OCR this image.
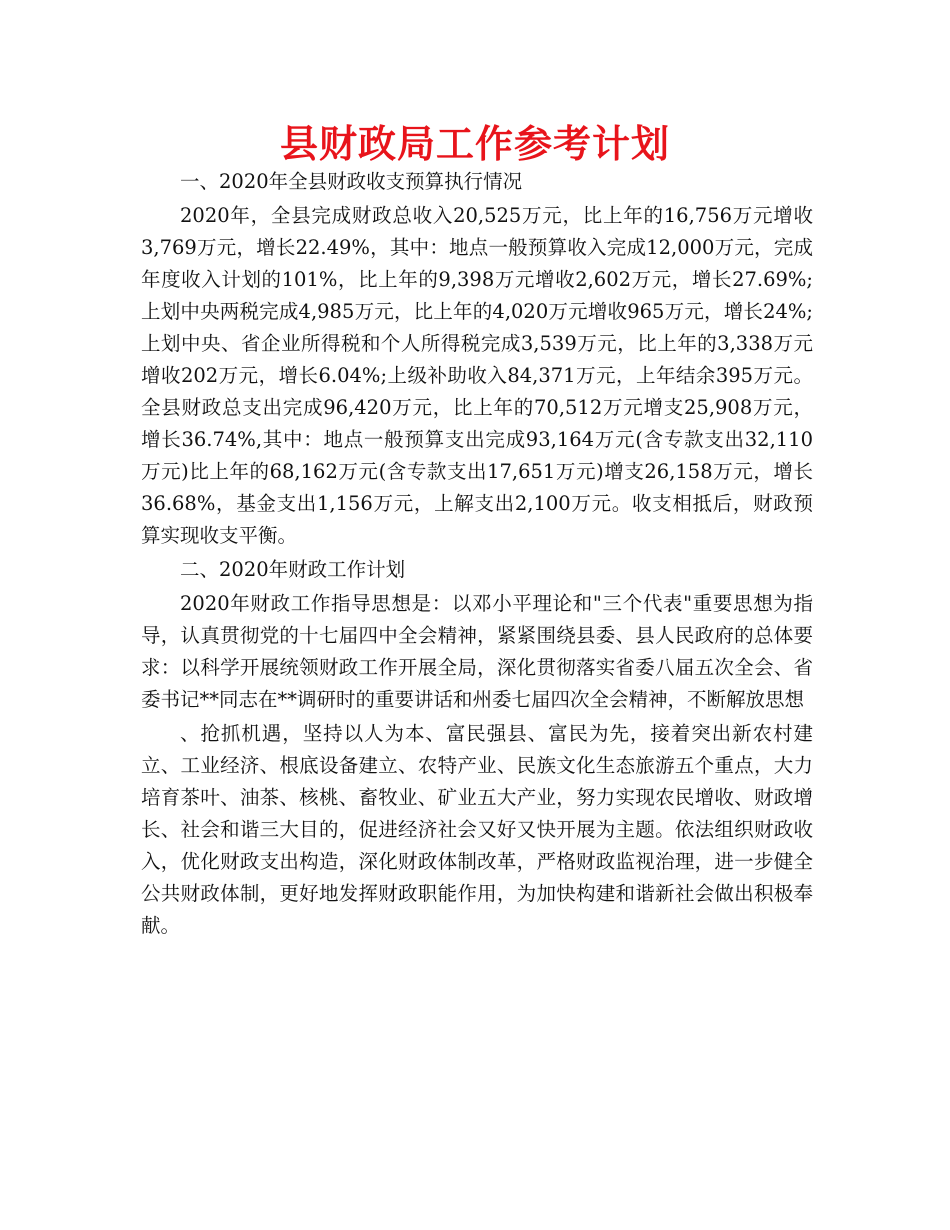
县财政局工作参考计划

一、2020年全县财政收支预算执行情况

2020年，全县完成财政总收入20,525万元，比上年的16,756万元增收3,769万元，增长22.49%，其中：地点一般预算收入完成12,000万元，完成年度收入计划的101%，比上年的9,398万元增收2,602万元，增长27.69%;上划中央两税完成4,985万元，比上年的4,020万元增收965万元，增长24%;上划中央、省企业所得税和个人所得税完成3,539万元，比上年的3,338万元增收202万元，增长6.04%;上级补助收入84,371万元，上年结余395万元。全县财政总支出完成96,420万元，比上年的70,512万元增支25,908万元，增长36.74%,其中：地点一般预算支出完成93,164万元(含专款支出32,110万元)比上年的68,162万元(含专款支出17,651万元)增支26,158万元，增长36.68%，基金支出1,156万元，上解支出2,100万元。收支相抵后，财政预算实现收支平衡。

二、2020年财政工作计划

2020年财政工作指导思想是：以邓小平理论和"三个代表"重要思想为指导，认真贯彻党的十七届四中全会精神，紧紧围绕县委、县人民政府的总体要求：以科学开展统领财政工作开展全局，深化贯彻落实省委八届五次全会、省委书记**同志在**调研时的重要讲话和州委七届四次全会精神，不断解放思想

、抢抓机遇，坚持以人为本、富民强县、富民为先，接着突出新农村建立、工业经济、根底设备建立、农特产业、民族文化生态旅游五个重点，大力培育茶叶、油茶、核桃、畜牧业、矿业五大产业，努力实现农民增收、财政增长、社会和谐三大目的，促进经济社会又好又快开展为主题。依法组织财政收入，优化财政支出构造，深化财政体制改革，严格财政监视治理，进一步健全公共财政体制，更好地发挥财政职能作用，为加快构建和谐新社会做出积极奉献。
